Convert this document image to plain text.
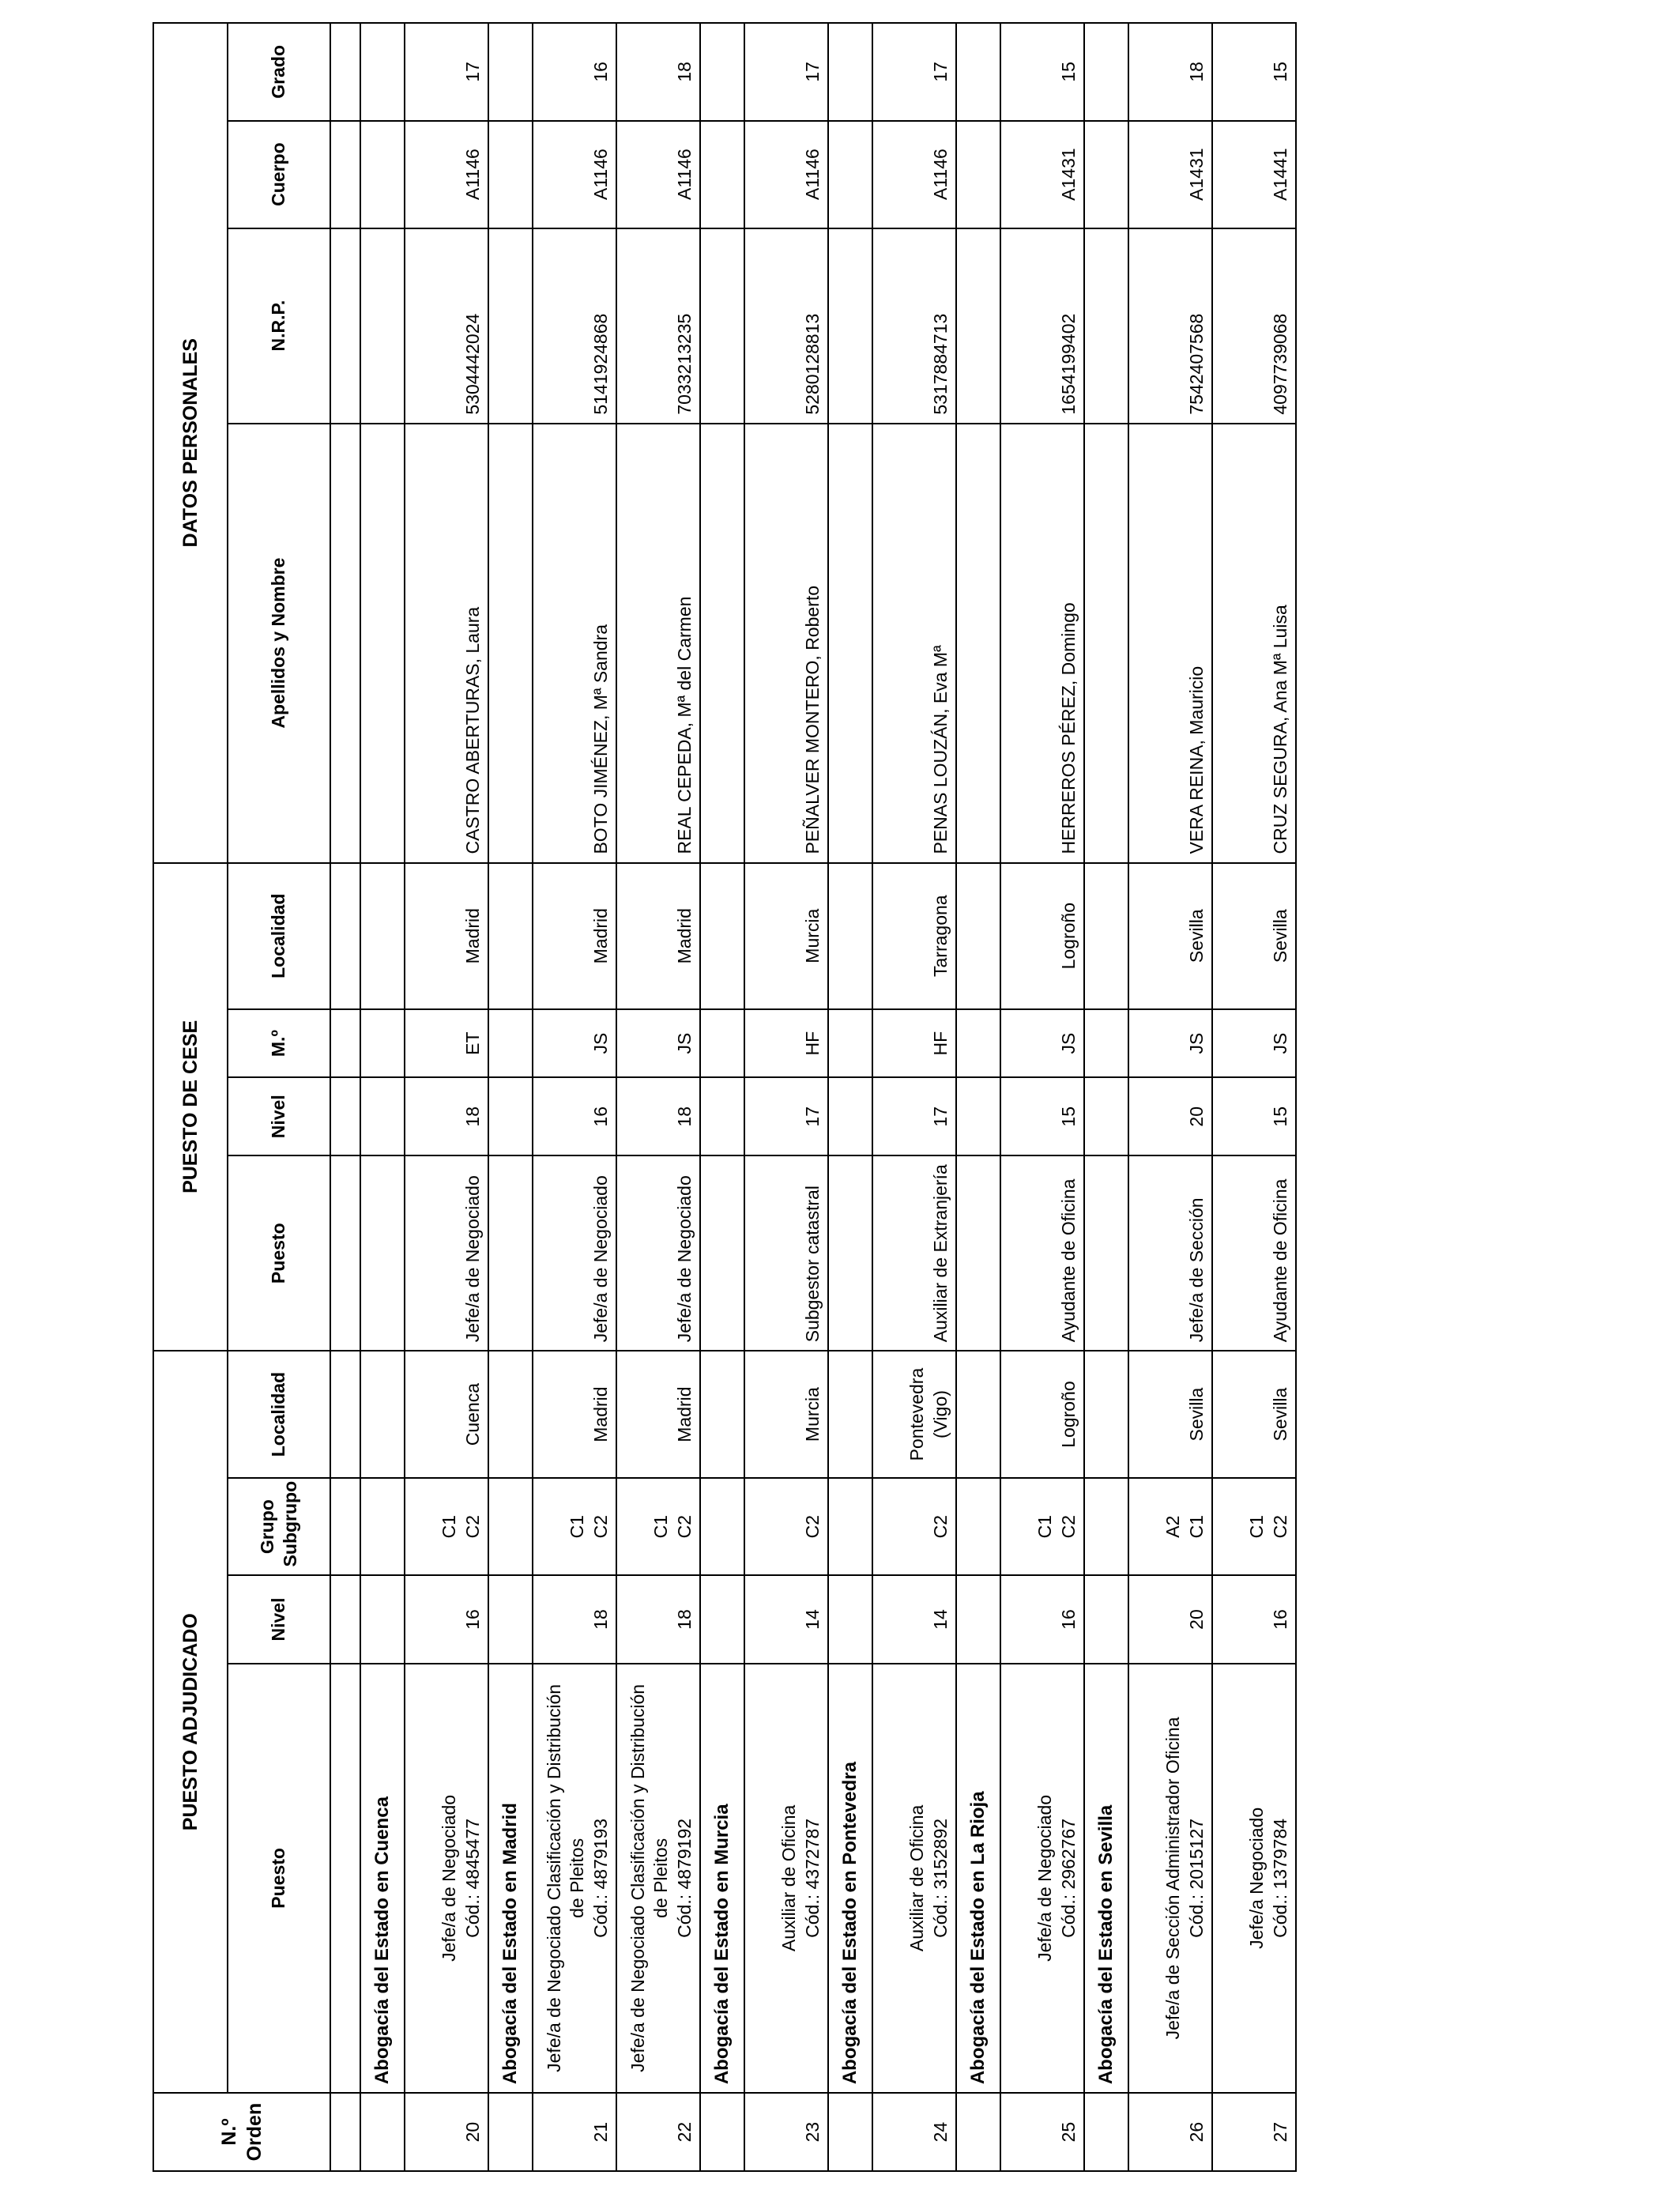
N.º Orden	PUESTO ADJUDICADO				PUESTO DE CESE				DATOS PERSONALES			
	Puesto	Nivel	Grupo Subgrupo	Localidad	Puesto	Nivel	M.º	Localidad	Apellidos y Nombre	N.R.P.	Cuerpo	Grado

	Abogacía del Estado en Cuenca											
20	Jefe/a de Negociado Cód.: 4845477	16	C1 C2	Cuenca	Jefe/a de Negociado	18	ET	Madrid	CASTRO ABERTURAS, Laura	5304442024	A1146	17
	Abogacía del Estado en Madrid											
21	Jefe/a de Negociado Clasificación y Distribución de Pleitos Cód.: 4879193	18	C1 C2	Madrid	Jefe/a de Negociado	16	JS	Madrid	BOTO JIMÉNEZ, Mª Sandra	5141924868	A1146	16
22	Jefe/a de Negociado Clasificación y Distribución de Pleitos Cód.: 4879192	18	C1 C2	Madrid	Jefe/a de Negociado	18	JS	Madrid	REAL CEPEDA, Mª del Carmen	7033213235	A1146	18
	Abogacía del Estado en Murcia											
23	Auxiliar de Oficina Cód.: 4372787	14	C2	Murcia	Subgestor catastral	17	HF	Murcia	PEÑALVER MONTERO, Roberto	5280128813	A1146	17
	Abogacía del Estado en Pontevedra											
24	Auxiliar de Oficina Cód.: 3152892	14	C2	Pontevedra (Vigo)	Auxiliar de Extranjería	17	HF	Tarragona	PENAS LOUZÁN, Eva Mª	5317884713	A1146	17
	Abogacía del Estado en La Rioja											
25	Jefe/a de Negociado Cód.: 2962767	16	C1 C2	Logroño	Ayudante de Oficina	15	JS	Logroño	HERREROS PÉREZ, Domingo	1654199402	A1431	15
	Abogacía del Estado en Sevilla											
26	Jefe/a de Sección Administrador Oficina Cód.: 2015127	20	A2 C1	Sevilla	Jefe/a de Sección	20	JS	Sevilla	VERA REINA, Mauricio	7542407568	A1431	18
27	Jefe/a Negociado Cód.: 1379784	16	C1 C2	Sevilla	Ayudante de Oficina	15	JS	Sevilla	CRUZ SEGURA, Ana Mª Luisa	4097739068	A1441	15
